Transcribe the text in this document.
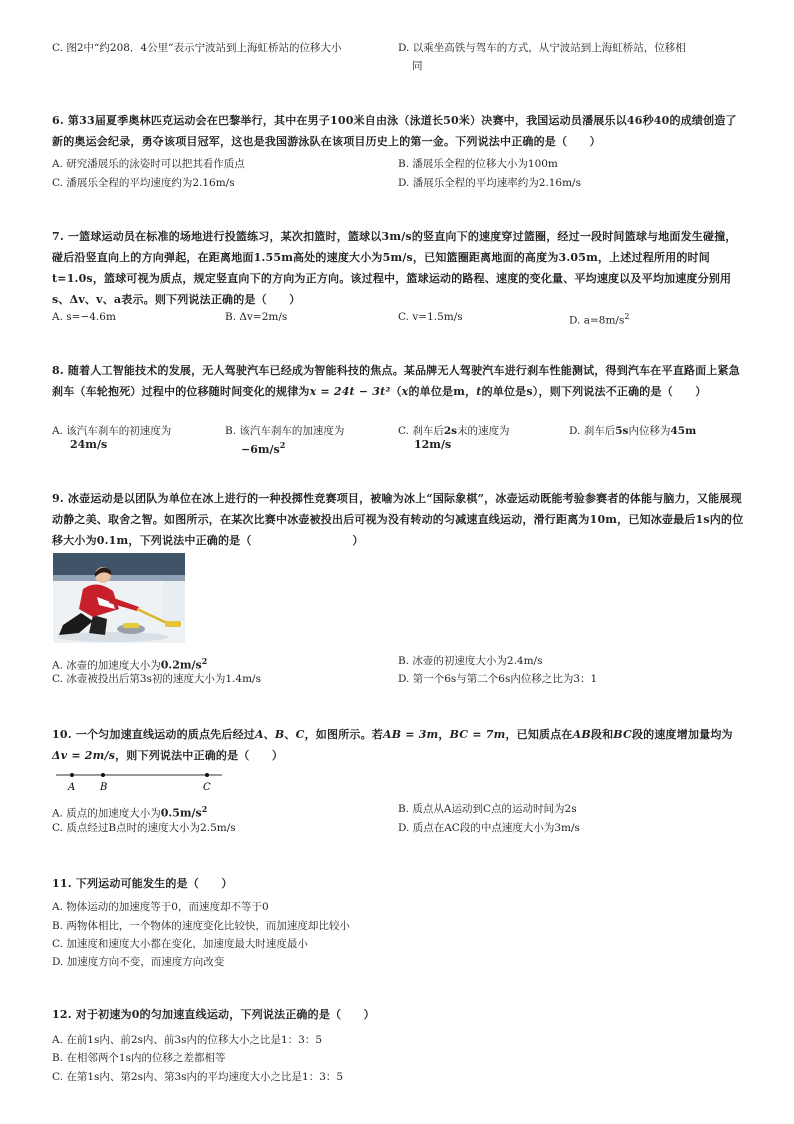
C. 图2中“约208．4公里”表示宁波站到上海虹桥站的位移大小	D. 以乘坐高铁与驾车的方式，从宁波站到上海虹桥站，位移相
同
6. 第33届夏季奥林匹克运动会在巴黎举行，其中在男子100米自由泳（泳道长50米）决赛中，我国运动员潘展乐以46秒40的成绩创造了新的奥运会纪录，勇夺该项目冠军，这也是我国游泳队在该项目历史上的第一金。下列说法中正确的是（　　）
A. 研究潘展乐的泳姿时可以把其看作质点	B. 潘展乐全程的位移大小为100m
C. 潘展乐全程的平均速度约为2.16m/s	D. 潘展乐全程的平均速率约为2.16m/s
7. 一篮球运动员在标准的场地进行投篮练习，某次扣篮时，篮球以3m/s的竖直向下的速度穿过篮圈，经过一段时间篮球与地面发生碰撞，碰后沿竖直向上的方向弹起，在距离地面1.55m高处的速度大小为5m/s，已知篮圈距离地面的高度为3.05m，上述过程所用的时间t=1.0s，篮球可视为质点，规定竖直向下的方向为正方向。该过程中，篮球运动的路程、速度的变化量、平均速度以及平均加速度分别用s、Δv、v、a表示。则下列说法正确的是（　　）
A. s=−4.6m	B. Δv=2m/s	C. v=1.5m/s	D. $a=8m/s^2$
8. 随着人工智能技术的发展，无人驾驶汽车已经成为智能科技的焦点。某品牌无人驾驶汽车进行刹车性能测试，得到汽车在平直路面上紧急刹车（车轮抱死）过程中的位移随时间变化的规律为x = 24t − 3t²（x的单位是m，t的单位是s），则下列说法不正确的是（　　）
A. 该汽车刹车的初速度为
24m/s
B. 该汽车刹车的加速度为
$-6m/s^2$
C. 刹车后2s末的速度为
12m/s
D. 刹车后5s内位移为45m
9. 冰壶运动是以团队为单位在冰上进行的一种投掷性竞赛项目，被喻为冰上“国际象棋”，冰壶运动既能考验参赛者的体能与脑力，又能展现动静之美、取舍之智。如图所示，在某次比赛中冰壶被投出后可视为没有转动的匀减速直线运动，滑行距离为10m，已知冰壶最后1s内的位移大小为0.1m，下列说法中正确的是（　　　　　　　　　）
A. 冰壶的加速度大小为$0.2m/s^2$	B. 冰壶的初速度大小为2.4m/s
C. 冰壶被投出后第3s初的速度大小为1.4m/s	D. 第一个6s与第二个6s内位移之比为3：1
10. 一个匀加速直线运动的质点先后经过A、B、C，如图所示。若AB = 3m，BC = 7m，已知质点在AB段和BC段的速度增加量均为Δv = 2m/s，则下列说法中正确的是（　　）
A B	C
A. 质点的加速度大小为$0.5m/s^2$	B. 质点从A运动到C点的运动时间为2s
C. 质点经过B点时的速度大小为2.5m/s	D. 质点在AC段的中点速度大小为3m/s
11. 下列运动可能发生的是（　　）
A. 物体运动的加速度等于0，而速度却不等于0
B. 两物体相比，一个物体的速度变化比较快，而加速度却比较小
C. 加速度和速度大小都在变化，加速度最大时速度最小
D. 加速度方向不变，而速度方向改变
12. 对于初速为0的匀加速直线运动，下列说法正确的是（　　）
A. 在前1s内、前2s内、前3s内的位移大小之比是1：3：5
B. 在相邻两个1s内的位移之差都相等
C. 在第1s内、第2s内、第3s内的平均速度大小之比是1：3：5
